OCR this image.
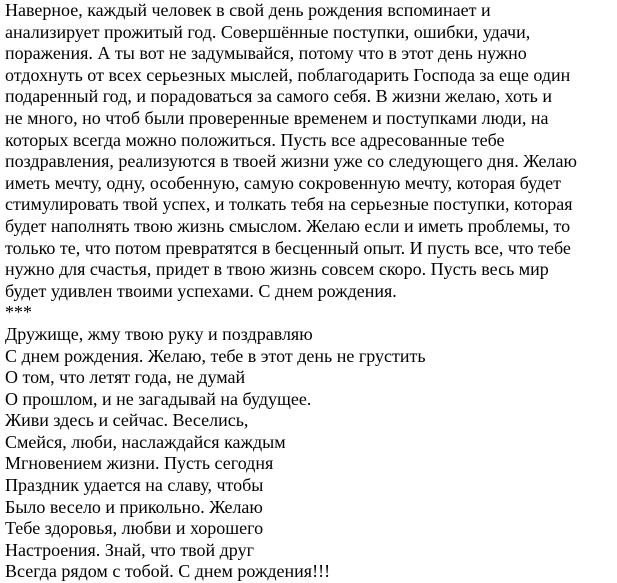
Наверное, каждый человек в свой день рождения вспоминает и

анализирует прожитый год. Совершённые поступки, ошибки, удачи,

поражения. А ты вот не задумывайся, потому что в этот день нужно

отдохнуть от всех серьезных мыслей, поблагодарить Господа за еще один

подаренный год, и порадоваться за самого себя. В жизни желаю, хоть и

не много, но чтоб были проверенные временем и поступками люди, на

которых всегда можно положиться. Пусть все адресованные тебе

поздравления, реализуются в твоей жизни уже со следующего дня. Желаю

иметь мечту, одну, особенную, самую сокровенную мечту, которая будет

стимулировать твой успех, и толкать тебя на серьезные поступки, которая

будет наполнять твою жизнь смыслом. Желаю если и иметь проблемы, то

только те, что потом превратятся в бесценный опыт. И пусть все, что тебе

нужно для счастья, придет в твою жизнь совсем скоро. Пусть весь мир

будет удивлен твоими успехами. С днем рождения.

***

Дружище, жму твою руку и поздравляю

С днем рождения. Желаю, тебе в этот день не грустить

О том, что летят года, не думай

О прошлом, и не загадывай на будущее.

Живи здесь и сейчас. Веселись,

Смейся, люби, наслаждайся каждым

Мгновением жизни. Пусть сегодня

Праздник удается на славу, чтобы

Было весело и прикольно. Желаю

Тебе здоровья, любви и хорошего

Настроения. Знай, что твой друг

Всегда рядом с тобой. С днем рождения!!!
